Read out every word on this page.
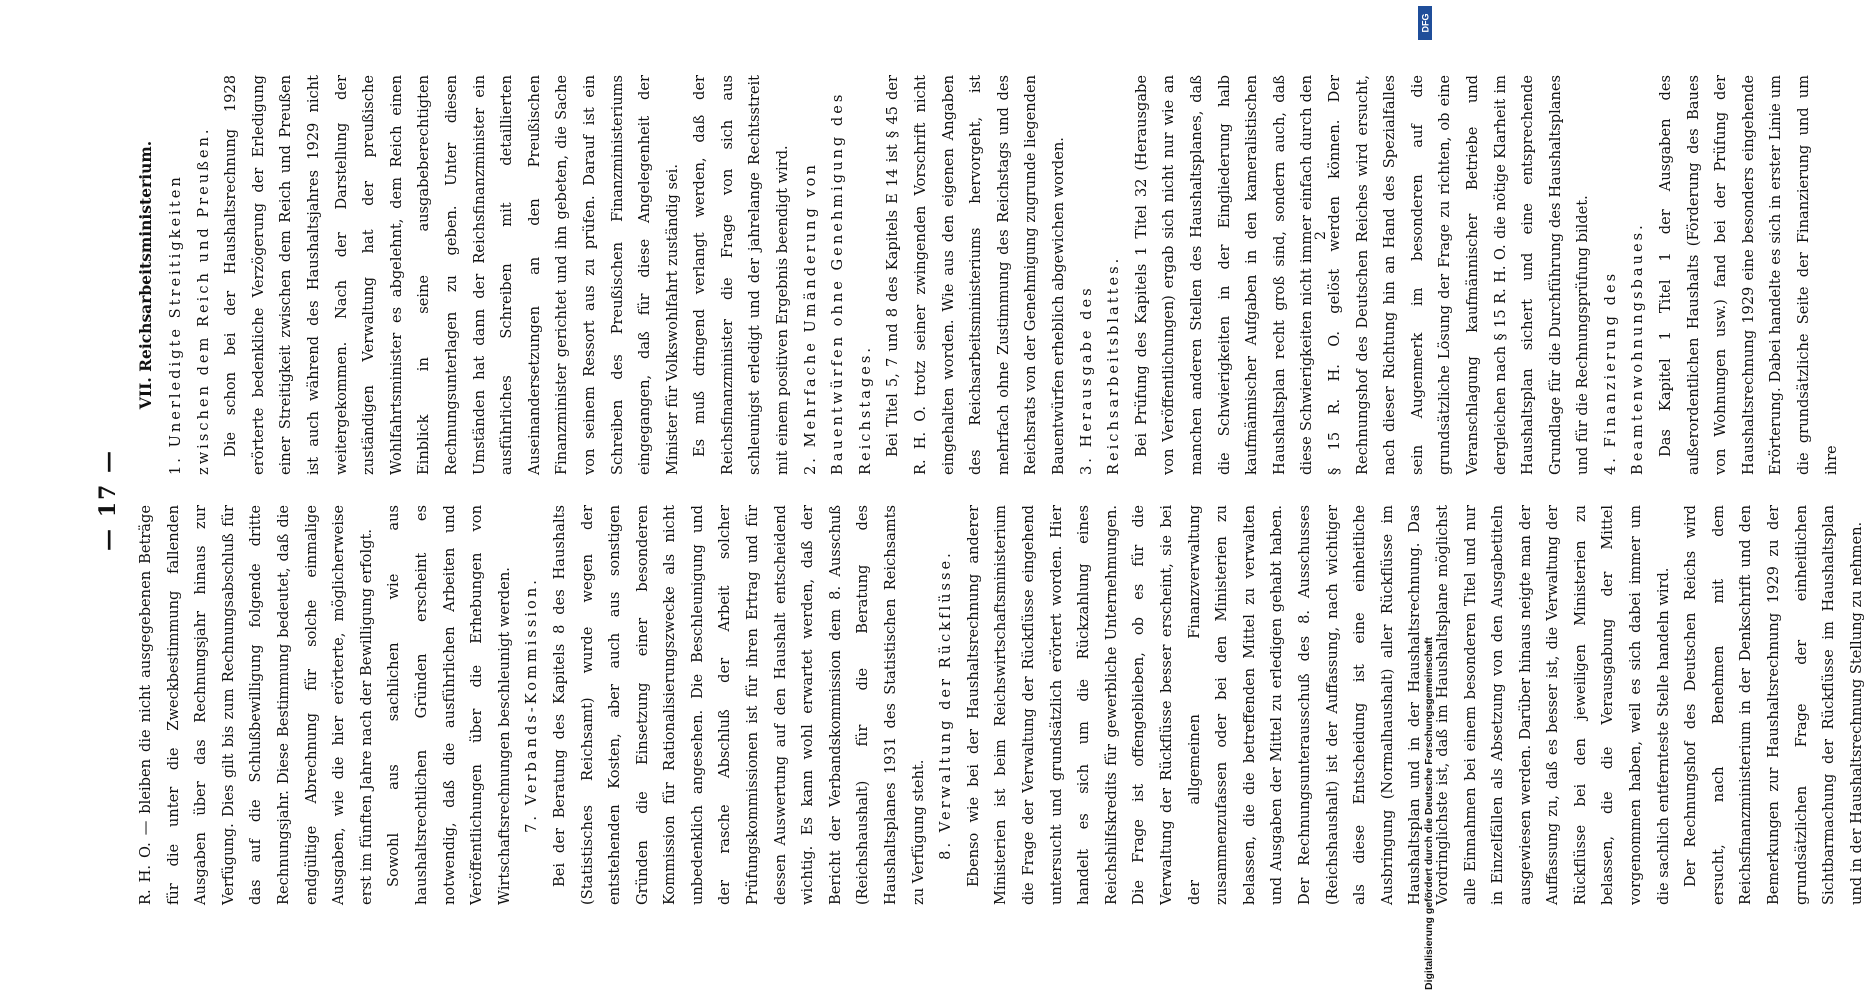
— 17 —

R. H. O. — bleiben die nicht ausgegebenen Beträge für die unter die Zweckbestimmung fallenden Ausgaben über das Rechnungsjahr hinaus zur Verfügung. Dies gilt bis zum Rechnungsabschluß für das auf die Schlußbewilligung folgende dritte Rechnungsjahr. Diese Bestimmung bedeutet, daß die endgültige Abrechnung für solche einmalige Ausgaben, wie die hier erörterte, möglicherweise erst im fünften Jahre nach der Bewilligung erfolgt. Sowohl aus sachlichen wie aus haushaltsrechtlichen Gründen erscheint es notwendig, daß die ausführlichen Arbeiten und Veröffentlichungen über die Erhebungen von Wirtschaftsrechnungen beschleunigt werden. 7. Verbands-Kommission. Bei der Beratung des Kapitels 8 des Haushalts (Statistisches Reichsamt) wurde wegen der entstehenden Kosten, aber auch aus sonstigen Gründen die Einsetzung einer besonderen Kommission für Rationalisierungszwecke als nicht unbedenklich angesehen. Die Beschleunigung und der rasche Abschluß der Arbeit solcher Prüfungskommissionen ist für ihren Ertrag und für dessen Auswertung auf den Haushalt entscheidend wichtig. Es kann wohl erwartet werden, daß der Bericht der Verbandskommission dem 8. Ausschuß (Reichshaushalt) für die Beratung des Haushaltsplanes 1931 des Statistischen Reichsamts zu Verfügung steht. 8. Verwaltung der Rückflüsse. Ebenso wie bei der Haushaltsrechnung anderer Ministerien ist beim Reichswirtschaftsministerium die Frage der Verwaltung der Rückflüsse eingehend untersucht und grundsätzlich erörtert worden. Hier handelt es sich um die Rückzahlung eines Reichshilfskredits für gewerbliche Unternehmungen. Die Frage ist offengeblieben, ob es für die Verwaltung der Rückflüsse besser erscheint, sie bei der allgemeinen Finanzverwaltung zusammenzufassen oder bei den Ministerien zu belassen, die die betreffenden Mittel zu verwalten und Ausgaben der Mittel zu erledigen gehabt haben. Der Rechnungsunterausschuß des 8. Ausschusses (Reichshaushalt) ist der Auffassung, nach wichtiger als diese Entscheidung ist eine einheitliche Ausbringung (Normalhaushalt) aller Rückflüsse im Haushaltsplan und in der Haushaltsrechnung. Das Vordringlichste ist, daß im Haushaltsplane möglichst alle Einnahmen bei einem besonderen Titel und nur in Einzelfällen als Absetzung von den Ausgabetiteln ausgewiesen werden. Darüber hinaus neigte man der Auffassung zu, daß es besser ist, die Verwaltung der Rückflüsse bei den jeweiligen Ministerien zu belassen, die die Verausgabung der Mittel vorgenommen haben, weil es sich dabei immer um die sachlich entfernteste Stelle handeln wird. Der Rechnungshof des Deutschen Reichs wird ersucht, nach Benehmen mit dem Reichsfinanzministerium in der Denkschrift und den Bemerkungen zur Haushaltsrechnung 1929 zu der grundsätzlichen Frage der einheitlichen Sichtbarmachung der Rückflüsse im Haushaltsplan und in der Haushaltsrechnung Stellung zu nehmen.

VII. Reichsarbeitsministerium. 1. Unerledigte Streitigkeiten zwischen dem Reich und Preußen. Die schon bei der Haushaltsrechnung 1928 erörterte bedenkliche Verzögerung der Erledigung einer Streitigkeit zwischen dem Reich und Preußen ist auch während des Haushaltsjahres 1929 nicht weitergekommen. Nach der Darstellung der zuständigen Verwaltung hat der preußische Wohlfahrtsminister es abgelehnt, dem Reich einen Einblick in seine ausgabeberechtigten Rechnungsunterlagen zu geben. Unter diesen Umständen hat dann der Reichsfinanzminister ein ausführliches Schreiben mit detaillierten Auseinandersetzungen an den Preußischen Finanzminister gerichtet und ihn gebeten, die Sache von seinem Ressort aus zu prüfen. Darauf ist ein Schreiben des Preußischen Finanzministeriums eingegangen, daß für diese Angelegenheit der Minister für Volkswohlfahrt zuständig sei. Es muß dringend verlangt werden, daß der Reichsfinanzminister die Frage von sich aus schleunigst erledigt und der jahrelange Rechtsstreit mit einem positiven Ergebnis beendigt wird. 2. Mehrfache Umänderung von Bauentwürfen ohne Genehmigung des Reichstages. Bei Titel 5, 7 und 8 des Kapitels E 14 ist § 45 der R. H. O. trotz seiner zwingenden Vorschrift nicht eingehalten worden. Wie aus den eigenen Angaben des Reichsarbeitsministeriums hervorgeht, ist mehrfach ohne Zustimmung des Reichstags und des Reichsrats von der Genehmigung zugrunde liegenden Bauentwürfen erheblich abgewichen worden. 3. Herausgabe des Reichsarbeitsblattes. Bei Prüfung des Kapitels 1 Titel 32 (Herausgabe von Veröffentlichungen) ergab sich nicht nur wie an manchen anderen Stellen des Haushaltsplanes, daß die Schwierigkeiten in der Eingliederung halb kaufmännischer Aufgaben in den kameralistischen Haushaltsplan recht groß sind, sondern auch, daß diese Schwierigkeiten nicht immer einfach durch den § 15 R. H. O. gelöst werden können. Der Rechnungshof des Deutschen Reiches wird ersucht, nach dieser Richtung hin an Hand des Spezialfalles sein Augenmerk im besonderen auf die grundsätzliche Lösung der Frage zu richten, ob eine Veranschlagung kaufmännischer Betriebe und dergleichen nach § 15 R. H. O. die nötige Klarheit im Haushaltsplan sichert und eine entsprechende Grundlage für die Durchführung des Haushaltsplanes und für die Rechnungsprüfung bildet. 4. Finanzierung des Beamtenwohnungsbaues. Das Kapitel 1 Titel 1 der Ausgaben des außerordentlichen Haushalts (Förderung des Baues von Wohnungen usw.) fand bei der Prüfung der Haushaltsrechnung 1929 eine besonders eingehende Erörterung. Dabei handelte es sich in erster Linie um die grundsätzliche Seite der Finanzierung und um ihre

2
DFG
Digitalisierung gefördert durch die Deutsche Forschungsgemeinschaft
